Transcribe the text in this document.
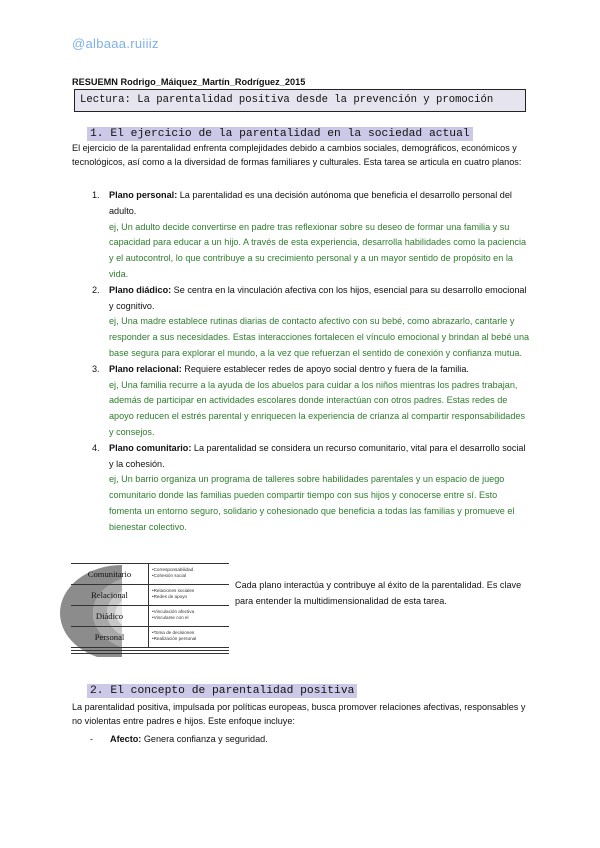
@albaaa.ruiiiz
RESUEMN Rodrigo_Máiquez_Martín_Rodríguez_2015
Lectura: La parentalidad positiva desde la prevención y promoción
1. El ejercicio de la parentalidad en la sociedad actual
El ejercicio de la parentalidad enfrenta complejidades debido a cambios sociales, demográficos, económicos y tecnológicos, así como a la diversidad de formas familiares y culturales. Esta tarea se articula en cuatro planos:
1. Plano personal: La parentalidad es una decisión autónoma que beneficia el desarrollo personal del adulto.
ej, Un adulto decide convertirse en padre tras reflexionar sobre su deseo de formar una familia y su capacidad para educar a un hijo. A través de esta experiencia, desarrolla habilidades como la paciencia y el autocontrol, lo que contribuye a su crecimiento personal y a un mayor sentido de propósito en la vida.
2. Plano diádico: Se centra en la vinculación afectiva con los hijos, esencial para su desarrollo emocional y cognitivo.
ej, Una madre establece rutinas diarias de contacto afectivo con su bebé, como abrazarlo, cantarle y responder a sus necesidades. Estas interacciones fortalecen el vínculo emocional y brindan al bebé una base segura para explorar el mundo, a la vez que refuerzan el sentido de conexión y confianza mutua.
3. Plano relacional: Requiere establecer redes de apoyo social dentro y fuera de la familia.
ej, Una familia recurre a la ayuda de los abuelos para cuidar a los niños mientras los padres trabajan, además de participar en actividades escolares donde interactúan con otros padres. Estas redes de apoyo reducen el estrés parental y enriquecen la experiencia de crianza al compartir responsabilidades y consejos.
4. Plano comunitario: La parentalidad se considera un recurso comunitario, vital para el desarrollo social y la cohesión.
ej, Un barrio organiza un programa de talleres sobre habilidades parentales y un espacio de juego comunitario donde las familias pueden compartir tiempo con sus hijos y conocerse entre sí. Esto fomenta un entorno seguro, solidario y cohesionado que beneficia a todas las familias y promueve el bienestar colectivo.
Comunitario	•Corresponsabilidad
•Cohesión social
Relacional	•Relaciones sociales
•Redes de apoyo
Diádico	•Vinculación afectiva
•Vincularse con el
Personal	•Toma de decisiones
•Realización personal
Cada plano interactúa y contribuye al éxito de la parentalidad. Es clave para entender la multidimensionalidad de esta tarea.
2. El concepto de parentalidad positiva
La parentalidad positiva, impulsada por políticas europeas, busca promover relaciones afectivas, responsables y no violentas entre padres e hijos. Este enfoque incluye:
- Afecto: Genera confianza y seguridad.
